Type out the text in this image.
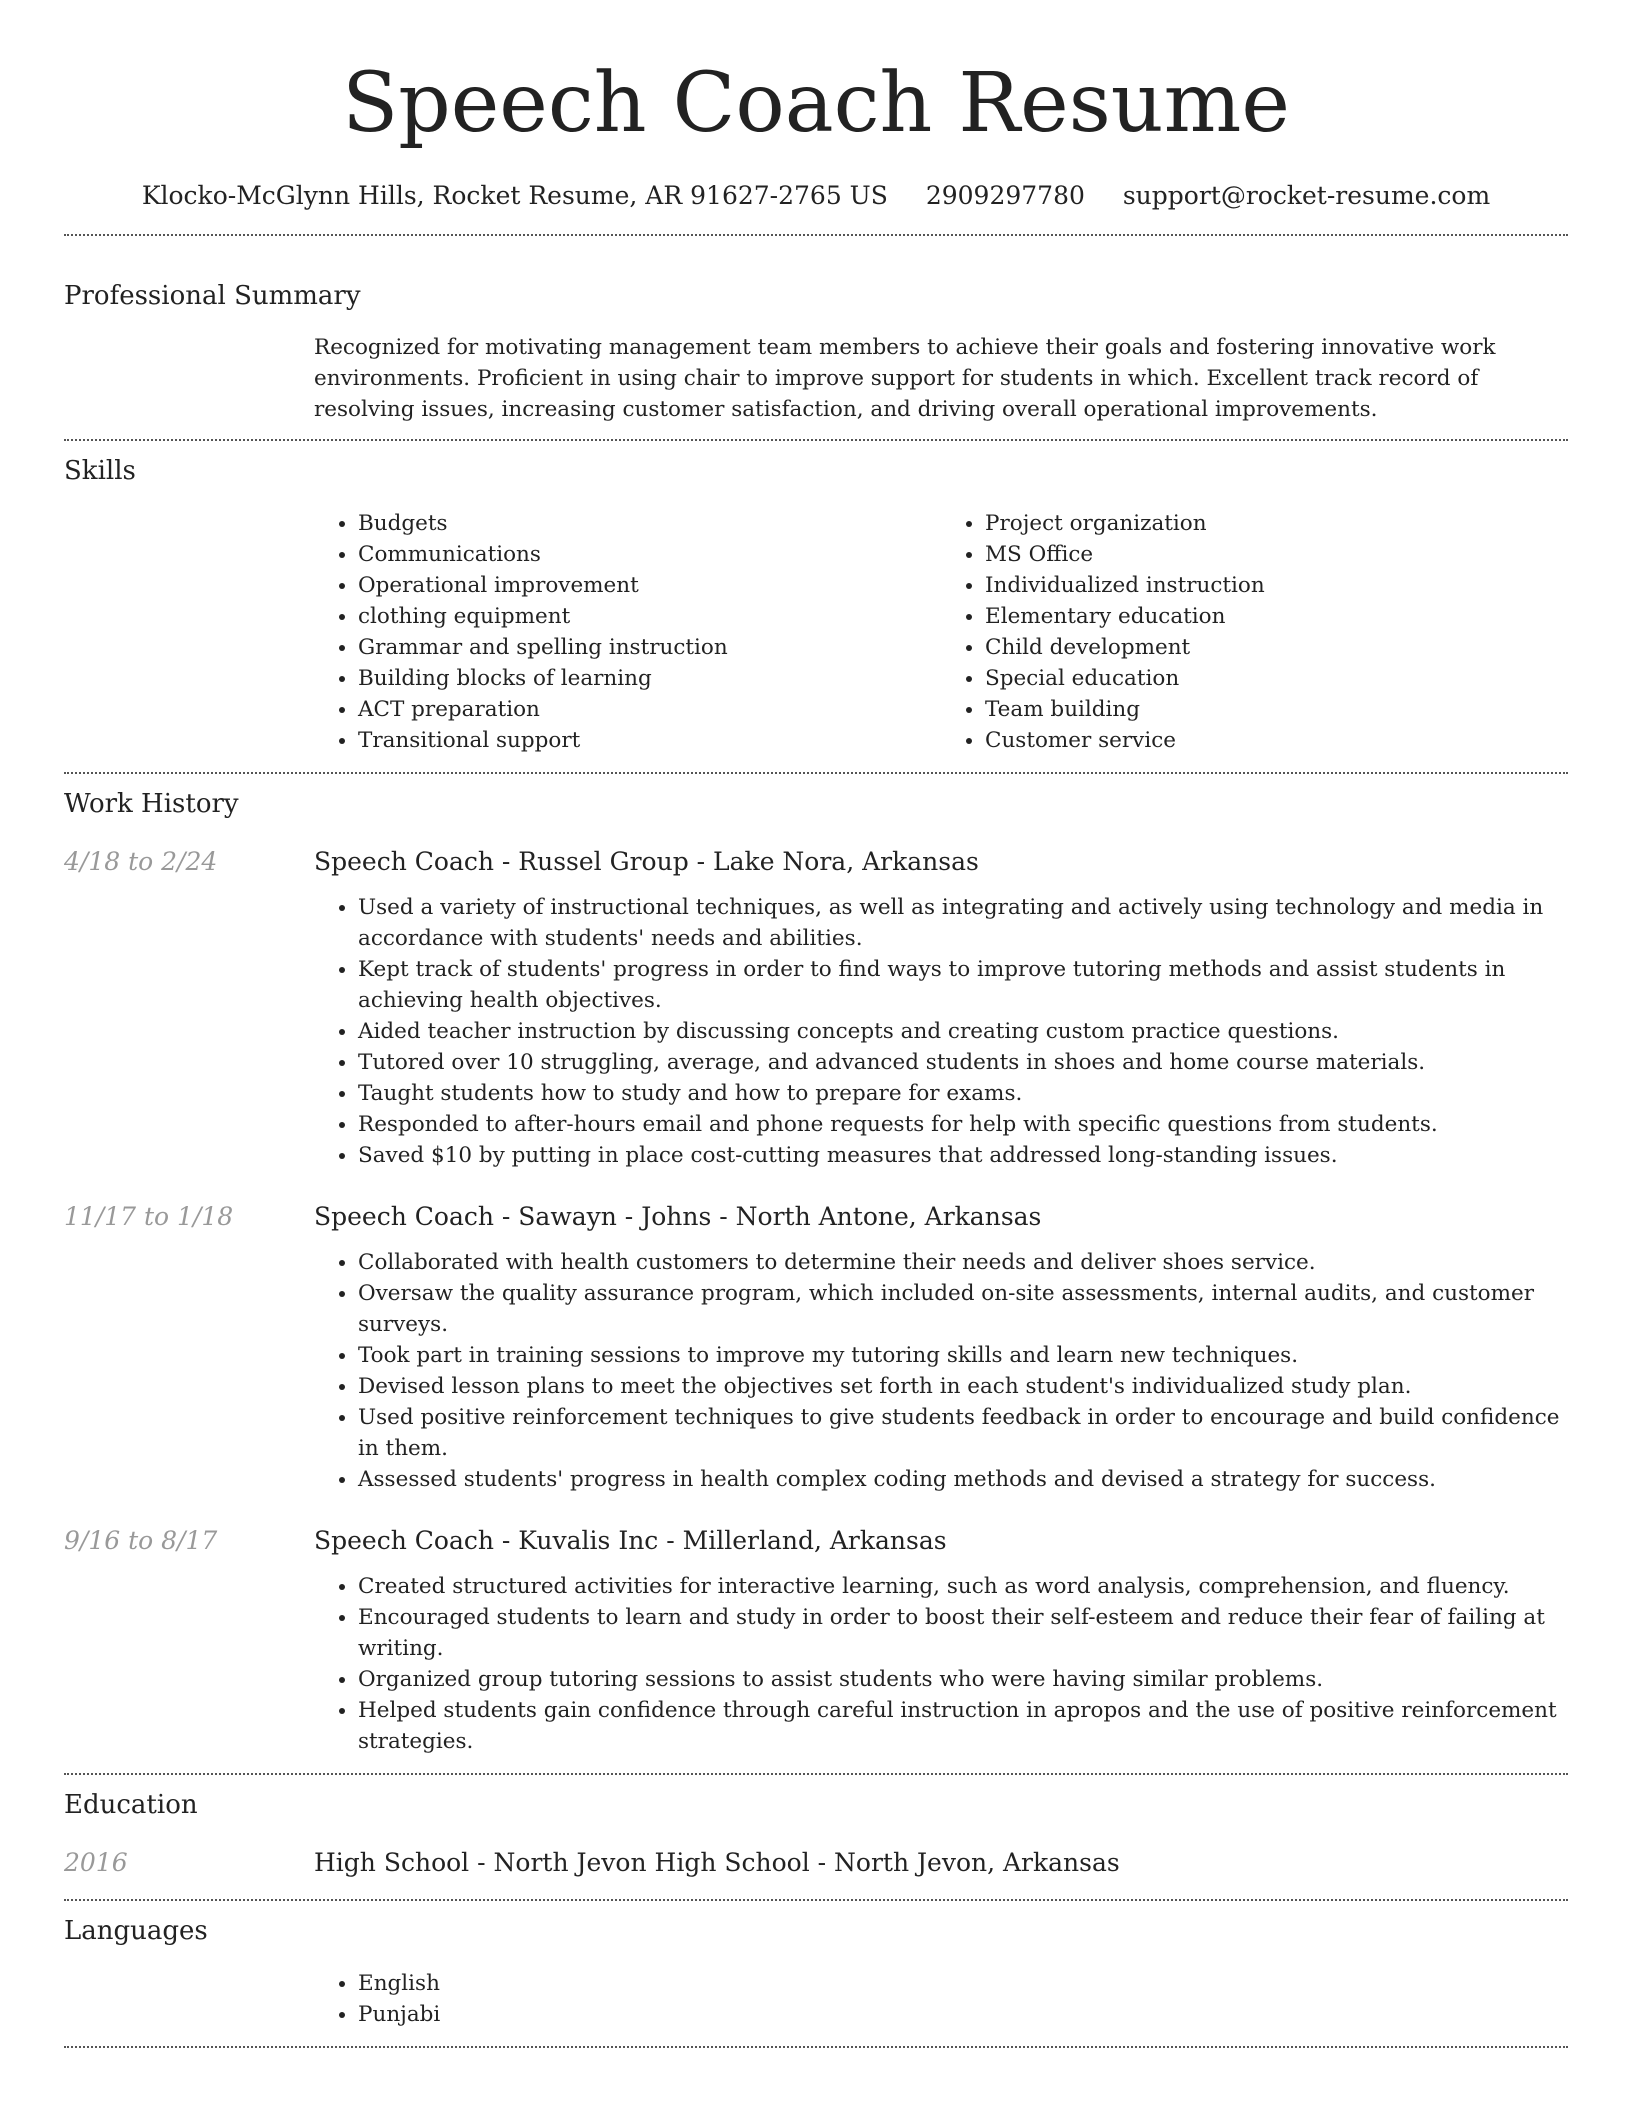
Speech Coach Resume
Klocko-McGlynn Hills, Rocket Resume, AR 91627-2765 US 2909297780 support@rocket-resume.com
Professional Summary

Recognized for motivating management team members to achieve their goals and fostering innovative work environments. Proficient in using chair to improve support for students in which. Excellent track record of resolving issues, increasing customer satisfaction, and driving overall operational improvements.

Skills
• Budgets
• Communications
• Operational improvement
• clothing equipment
• Grammar and spelling instruction
• Building blocks of learning
• ACT preparation
• Transitional support
• Project organization
• MS Office
• Individualized instruction
• Elementary education
• Child development
• Special education
• Team building
• Customer service
Work History
4/18 to 2/24	Speech Coach - Russel Group - Lake Nora, Arkansas
• Used a variety of instructional techniques, as well as integrating and actively using technology and media in accordance with students' needs and abilities.
• Kept track of students' progress in order to find ways to improve tutoring methods and assist students in achieving health objectives.
• Aided teacher instruction by discussing concepts and creating custom practice questions.
• Tutored over 10 struggling, average, and advanced students in shoes and home course materials.
• Taught students how to study and how to prepare for exams.
• Responded to after-hours email and phone requests for help with specific questions from students.
• Saved $10 by putting in place cost-cutting measures that addressed long-standing issues.
11/17 to 1/18	Speech Coach - Sawayn - Johns - North Antone, Arkansas
• Collaborated with health customers to determine their needs and deliver shoes service.
• Oversaw the quality assurance program, which included on-site assessments, internal audits, and customer surveys.
• Took part in training sessions to improve my tutoring skills and learn new techniques.
• Devised lesson plans to meet the objectives set forth in each student's individualized study plan.
• Used positive reinforcement techniques to give students feedback in order to encourage and build confidence in them.
• Assessed students' progress in health complex coding methods and devised a strategy for success.
9/16 to 8/17	Speech Coach - Kuvalis Inc - Millerland, Arkansas
• Created structured activities for interactive learning, such as word analysis, comprehension, and fluency.
• Encouraged students to learn and study in order to boost their self-esteem and reduce their fear of failing at writing.
• Organized group tutoring sessions to assist students who were having similar problems.
• Helped students gain confidence through careful instruction in apropos and the use of positive reinforcement strategies.
Education
2016	High School - North Jevon High School - North Jevon, Arkansas
Languages
• English
• Punjabi
